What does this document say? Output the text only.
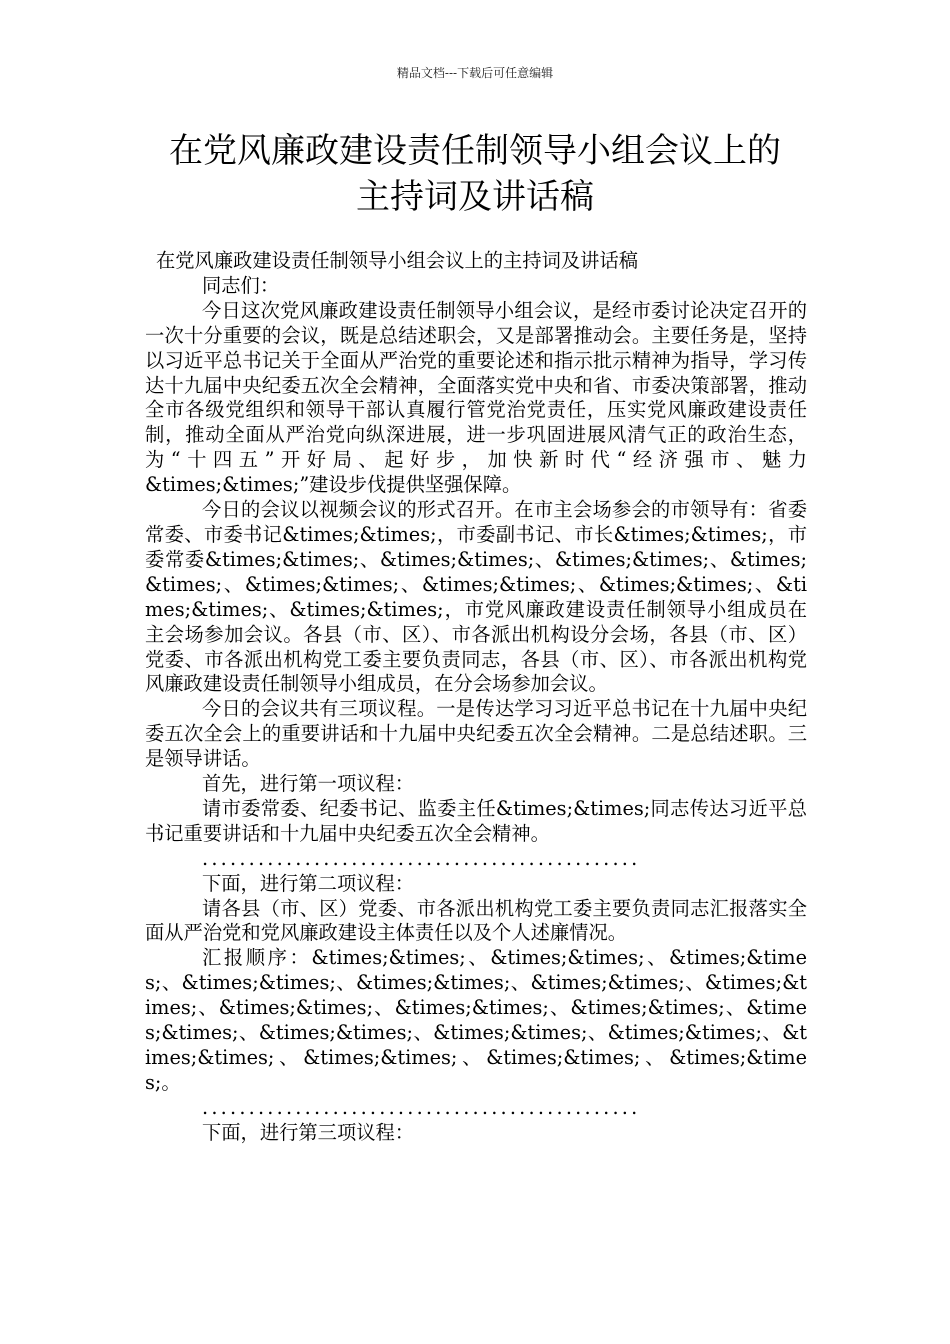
精品文档---下载后可任意编辑
在党风廉政建设责任制领导小组会议上的
主持词及讲话稿

在党风廉政建设责任制领导小组会议上的主持词及讲话稿

同志们：

今日这次党风廉政建设责任制领导小组会议，是经市委讨论决定召开的一次十分重要的会议，既是总结述职会，又是部署推动会。主要任务是，坚持以习近平总书记关于全面从严治党的重要论述和指示批示精神为指导，学习传达十九届中央纪委五次全会精神，全面落实党中央和省、市委决策部署，推动全市各级党组织和领导干部认真履行管党治党责任，压实党风廉政建设责任制，推动全面从严治党向纵深进展，进一步巩固进展风清气正的政治生态，为“十四五”开好局、起好步，加快新时代“经济强市、魅力&times;&times;”建设步伐提供坚强保障。

今日的会议以视频会议的形式召开。在市主会场参会的市领导有：省委常委、市委书记&times;&times;，市委副书记、市长&times;&times;，市委常委&times;&times;、&times;&times;、&times;&times;、&times;&times;、&times;&times;、&times;&times;、&times;&times;、&times;&times;、&times;&times;，市党风廉政建设责任制领导小组成员在主会场参加会议。各县（市、区）、市各派出机构设分会场，各县（市、区）党委、市各派出机构党工委主要负责同志，各县（市、区）、市各派出机构党风廉政建设责任制领导小组成员，在分会场参加会议。

今日的会议共有三项议程。一是传达学习习近平总书记在十九届中央纪委五次全会上的重要讲话和十九届中央纪委五次全会精神。二是总结述职。三是领导讲话。

首先，进行第一项议程：

请市委常委、纪委书记、监委主任&times;&times;同志传达习近平总书记重要讲话和十九届中央纪委五次全会精神。

...............................................

下面，进行第二项议程：

请各县（市、区）党委、市各派出机构党工委主要负责同志汇报落实全面从严治党和党风廉政建设主体责任以及个人述廉情况。

汇报顺序：&times;&times;、&times;&times;、&times;&times;、&times;&times;、&times;&times;、&times;&times;、&times;&times;、&times;&times;、&times;&times;、&times;&times;、&times;&times;、&times;&times;、&times;&times;、&times;&times;、&times;&times;、&times;&times;、&times;&times;、&times;&times;。

...............................................

下面，进行第三项议程：
